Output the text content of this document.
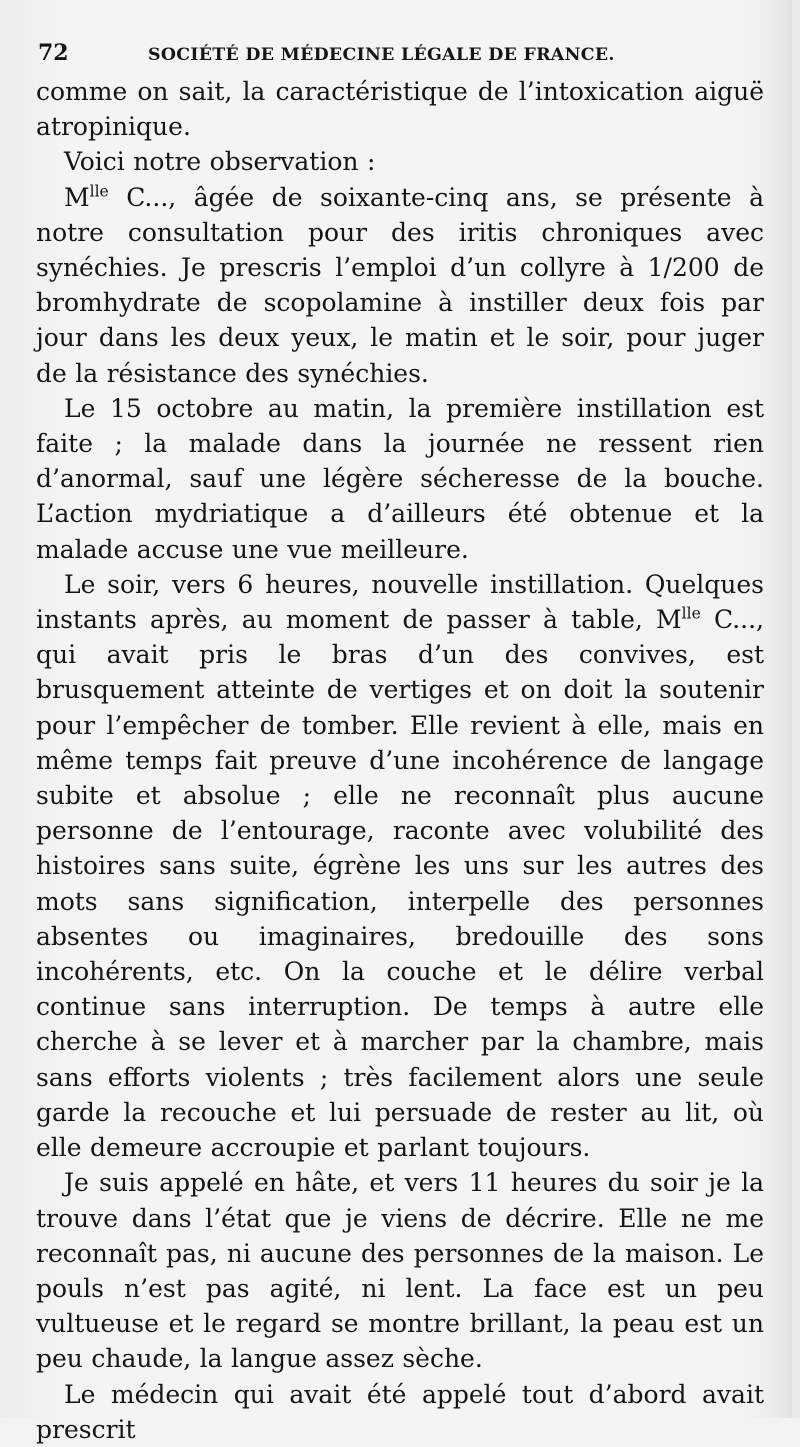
72	SOCIÉTÉ DE MÉDECINE LÉGALE DE FRANCE.

comme on sait, la caractéristique de l’intoxication aiguë atropinique.

Voici notre observation :

$M^{lle}$ C..., âgée de soixante-cinq ans, se présente à notre consultation pour des iritis chroniques avec synéchies. Je prescris l’emploi d’un collyre à 1/200 de bromhydrate de scopolamine à instiller deux fois par jour dans les deux yeux, le matin et le soir, pour juger de la résistance des synéchies.

Le 15 octobre au matin, la première instillation est faite ; la malade dans la journée ne ressent rien d’anormal, sauf une légère sécheresse de la bouche. L’action mydriatique a d’ailleurs été obtenue et la malade accuse une vue meilleure.

Le soir, vers 6 heures, nouvelle instillation. Quelques instants après, au moment de passer à table, $M^{lle}$ C..., qui avait pris le bras d’un des convives, est brusquement atteinte de vertiges et on doit la soutenir pour l’empêcher de tomber. Elle revient à elle, mais en même temps fait preuve d’une incohérence de langage subite et absolue ; elle ne reconnaît plus aucune personne de l’entourage, raconte avec volubilité des histoires sans suite, égrène les uns sur les autres des mots sans signification, interpelle des personnes absentes ou imaginaires, bredouille des sons incohérents, etc. On la couche et le délire verbal continue sans interruption. De temps à autre elle cherche à se lever et à marcher par la chambre, mais sans efforts violents ; très facilement alors une seule garde la recouche et lui persuade de rester au lit, où elle demeure accroupie et parlant toujours.

Je suis appelé en hâte, et vers 11 heures du soir je la trouve dans l’état que je viens de décrire. Elle ne me reconnaît pas, ni aucune des personnes de la maison. Le pouls n’est pas agité, ni lent. La face est un peu vultueuse et le regard se montre brillant, la peau est un peu chaude, la langue assez sèche.

Le médecin qui avait été appelé tout d’abord avait prescrit
